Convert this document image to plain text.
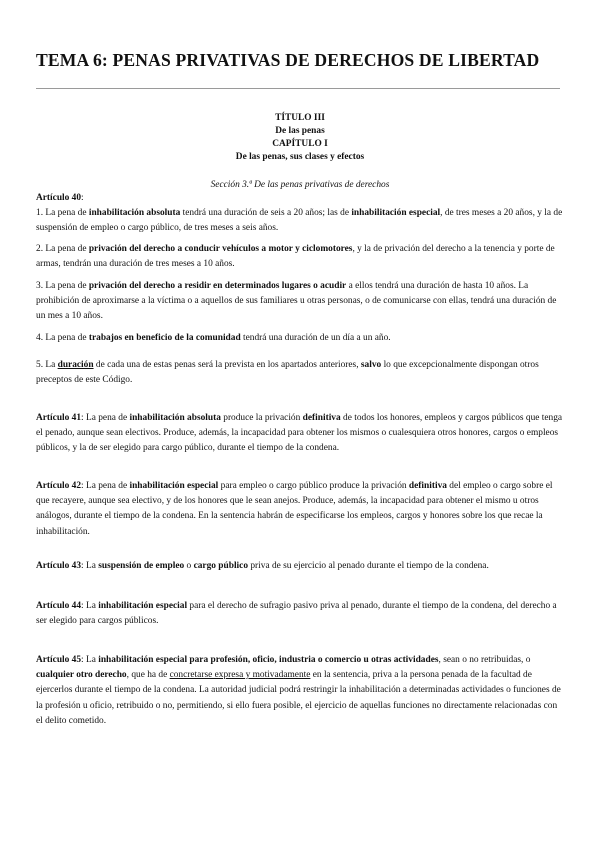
TEMA 6: PENAS PRIVATIVAS DE DERECHOS DE LIBERTAD
TÍTULO III
De las penas
CAPÍTULO I
De las penas, sus clases y efectos
Sección 3.ª De las penas privativas de derechos

Artículo 40:

1. La pena de inhabilitación absoluta tendrá una duración de seis a 20 años; las de inhabilitación especial, de tres meses a 20 años, y la de suspensión de empleo o cargo público, de tres meses a seis años.

2. La pena de privación del derecho a conducir vehículos a motor y ciclomotores, y la de privación del derecho a la tenencia y porte de armas, tendrán una duración de tres meses a 10 años.

3. La pena de privación del derecho a residir en determinados lugares o acudir a ellos tendrá una duración de hasta 10 años. La prohibición de aproximarse a la víctima o a aquellos de sus familiares u otras personas, o de comunicarse con ellas, tendrá una duración de un mes a 10 años.

4. La pena de trabajos en beneficio de la comunidad tendrá una duración de un día a un año.

5. La duración de cada una de estas penas será la prevista en los apartados anteriores, salvo lo que excepcionalmente dispongan otros preceptos de este Código.

Artículo 41: La pena de inhabilitación absoluta produce la privación definitiva de todos los honores, empleos y cargos públicos que tenga el penado, aunque sean electivos. Produce, además, la incapacidad para obtener los mismos o cualesquiera otros honores, cargos o empleos públicos, y la de ser elegido para cargo público, durante el tiempo de la condena.

Artículo 42: La pena de inhabilitación especial para empleo o cargo público produce la privación definitiva del empleo o cargo sobre el que recayere, aunque sea electivo, y de los honores que le sean anejos. Produce, además, la incapacidad para obtener el mismo u otros análogos, durante el tiempo de la condena. En la sentencia habrán de especificarse los empleos, cargos y honores sobre los que recae la inhabilitación.

Artículo 43: La suspensión de empleo o cargo público priva de su ejercicio al penado durante el tiempo de la condena.

Artículo 44: La inhabilitación especial para el derecho de sufragio pasivo priva al penado, durante el tiempo de la condena, del derecho a ser elegido para cargos públicos.

Artículo 45: La inhabilitación especial para profesión, oficio, industria o comercio u otras actividades, sean o no retribuidas, o cualquier otro derecho, que ha de concretarse expresa y motivadamente en la sentencia, priva a la persona penada de la facultad de ejercerlos durante el tiempo de la condena. La autoridad judicial podrá restringir la inhabilitación a determinadas actividades o funciones de la profesión u oficio, retribuido o no, permitiendo, si ello fuera posible, el ejercicio de aquellas funciones no directamente relacionadas con el delito cometido.
